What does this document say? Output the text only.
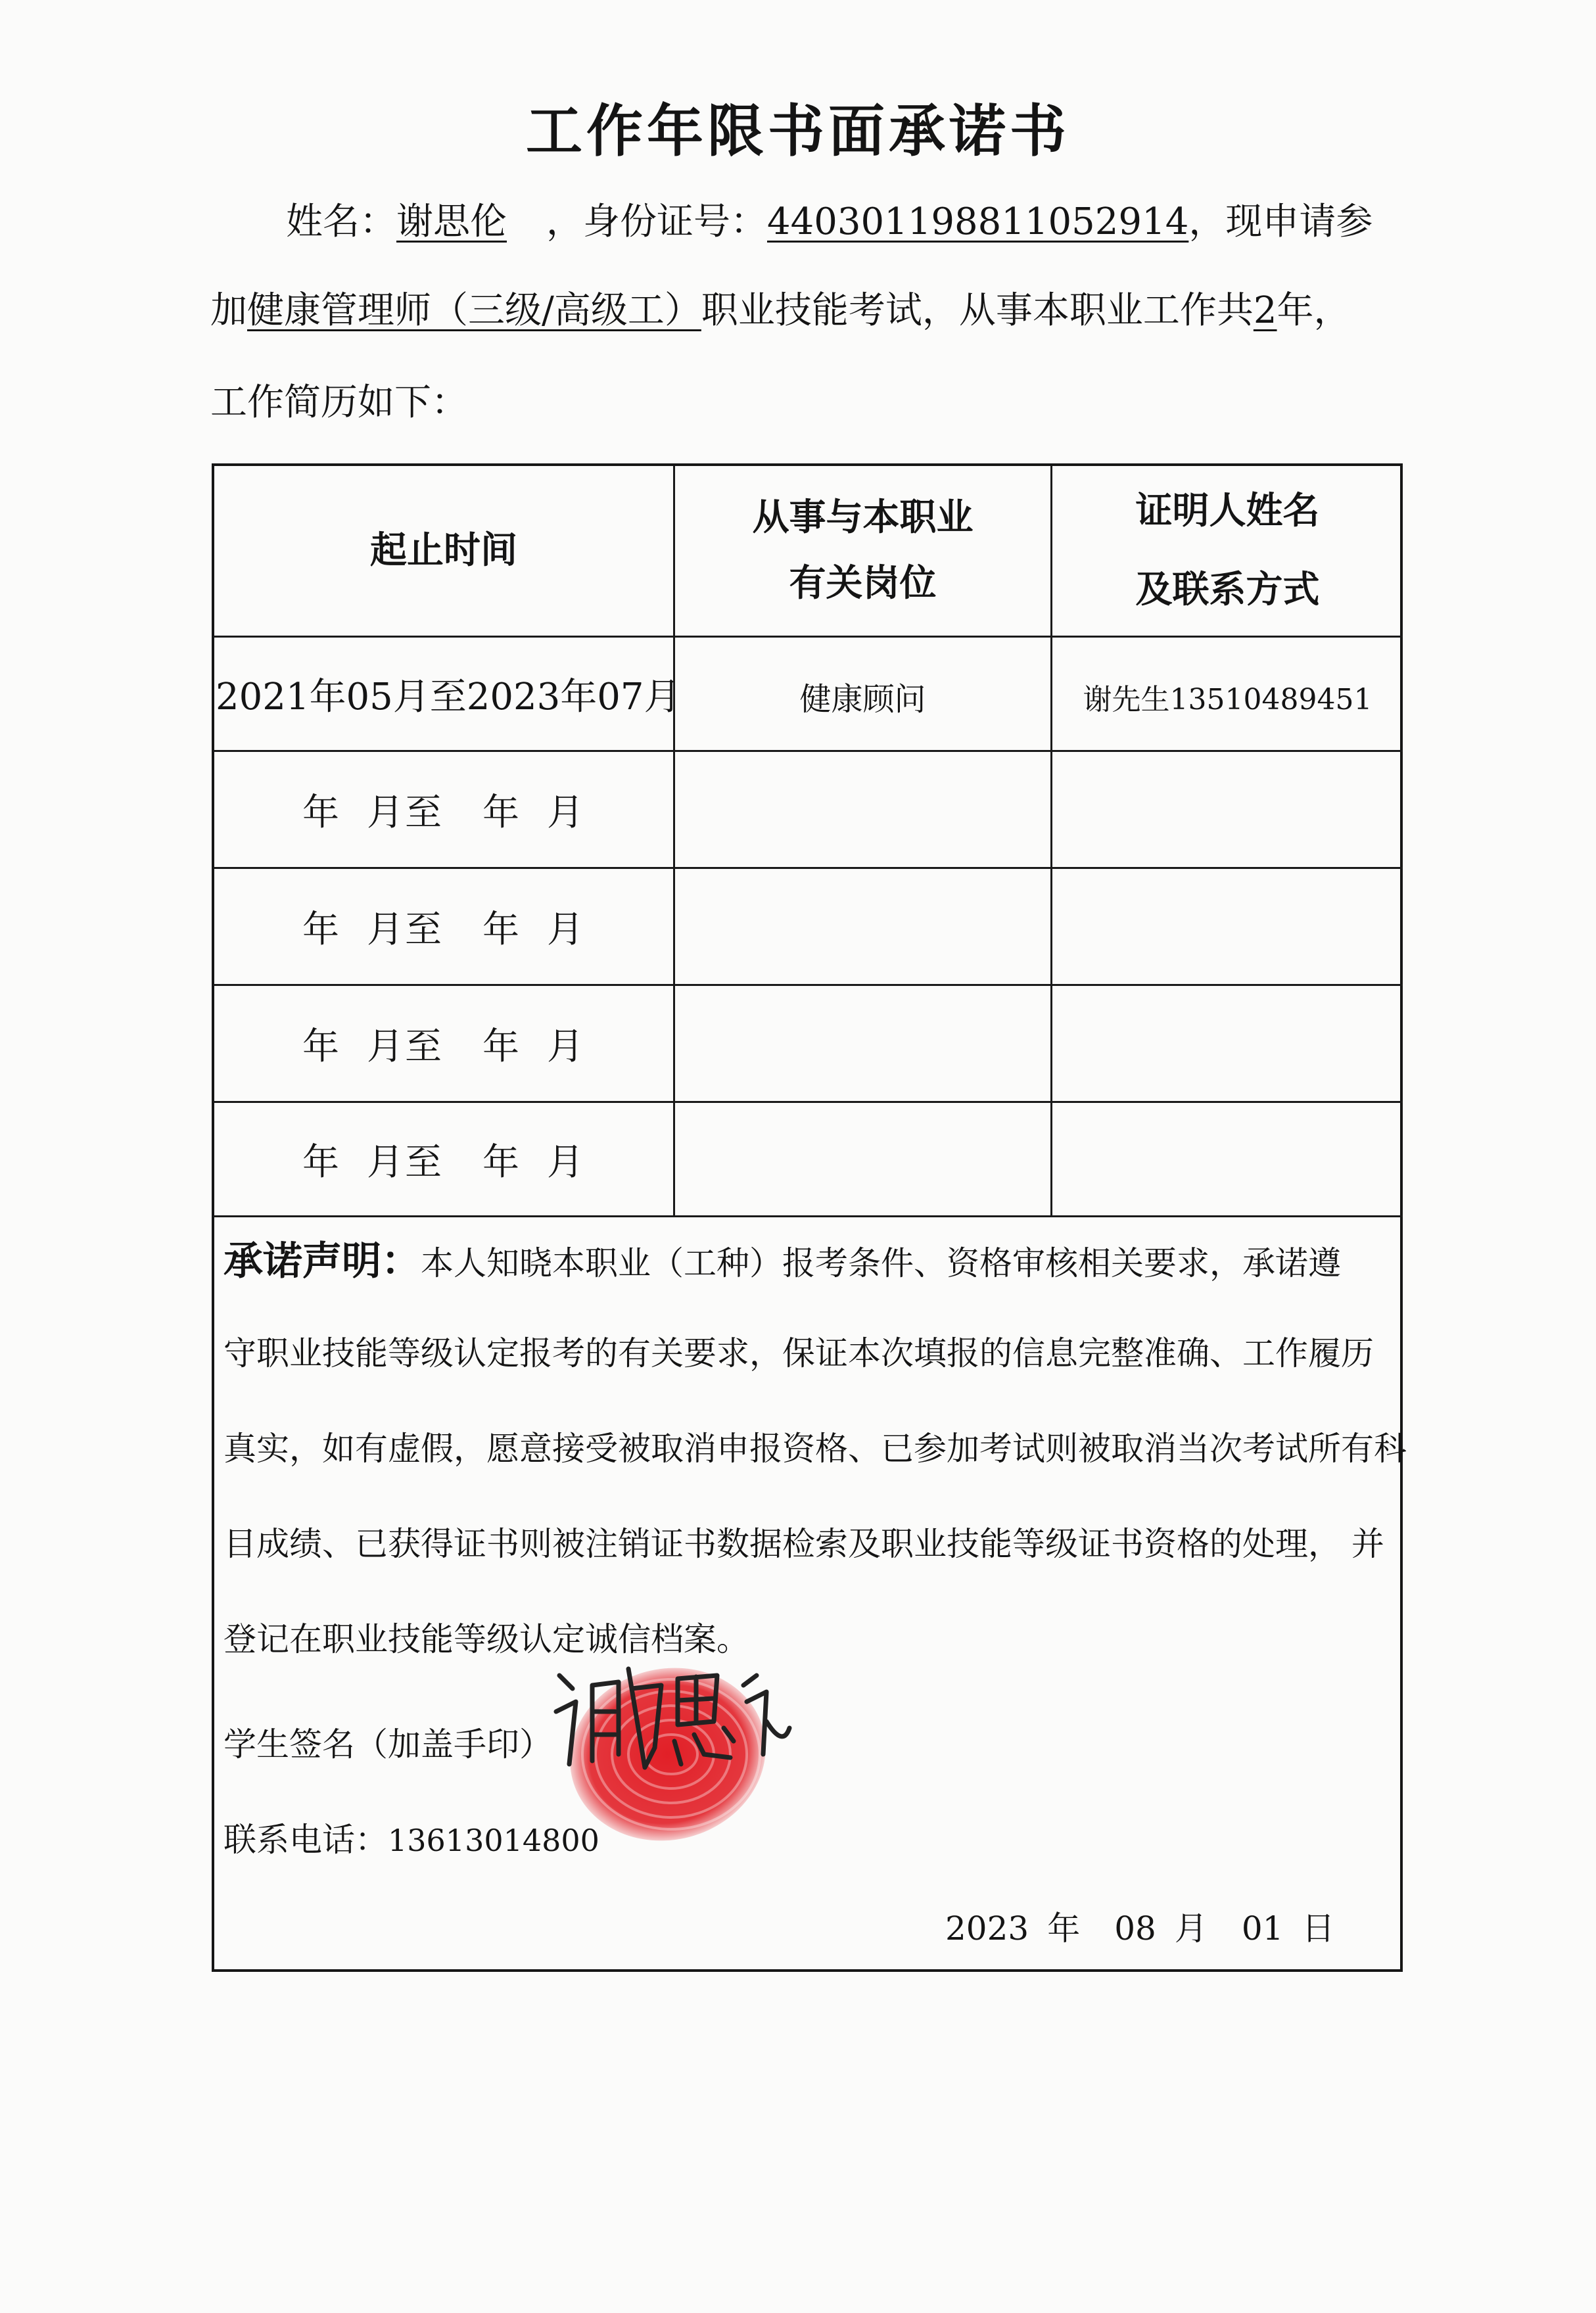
工作年限书面承诺书
姓名：谢思伦 ，身份证号：440301198811052914，现申请参
加健康管理师（三级/高级工）职业技能考试，从事本职业工作共2年，
工作简历如下：
起止时间
从事与本职业
有关岗位
证明人姓名
及联系方式
2021年05月至2023年07月	健康顾问	谢先生13510489451
年 月至 年 月
年 月至 年 月
年 月至 年 月
年 月至 年 月
承诺声明：本人知晓本职业（工种）报考条件、资格审核相关要求，承诺遵
守职业技能等级认定报考的有关要求，保证本次填报的信息完整准确、工作履历
真实，如有虚假，愿意接受被取消申报资格、已参加考试则被取消当次考试所有科
目成绩、已获得证书则被注销证书数据检索及职业技能等级证书资格的处理， 并
登记在职业技能等级认定诚信档案。
学生签名（加盖手印）
联系电话：13613014800
2023 年 08 月 01 日
